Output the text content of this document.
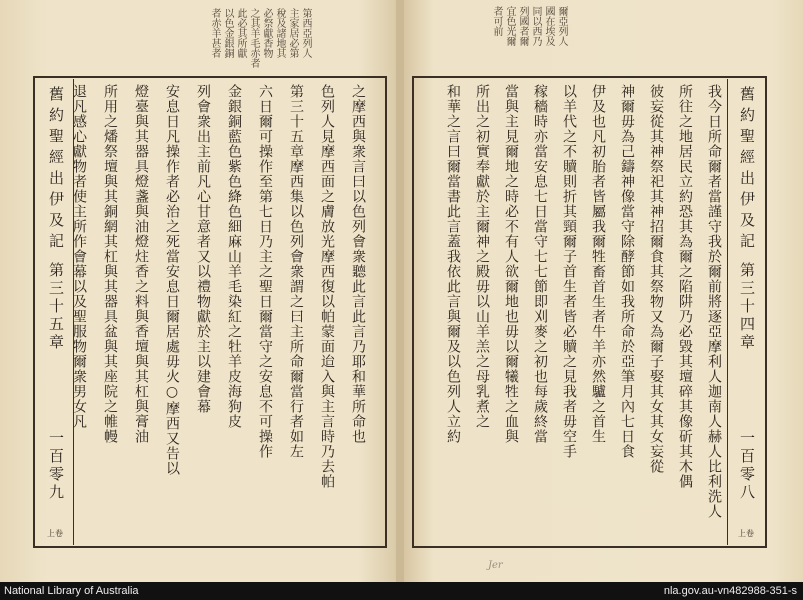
第西亞列人
主家居必第
稅及諸地其
必祭獻香物
之其羊毛赤者
此必其所獻
以色金銀銅
者赤羊甚者
舊約聖經
出伊及記
第三十五章
一百零九
上卷
之摩西與衆言曰以色列會衆聽此言此言乃耶和華所命也
色列人見摩西面之膚放光摩西復以帕蒙面迨入與主言時乃去帕
第三十五章摩西集以色列會衆謂之曰主所命爾當行者如左
六日爾可操作至第七日乃主之聖日爾當守之安息不可操作
金銀銅藍色紫色絳色細麻山羊毛染紅之牡羊皮海狗皮
列會衆出主前凡心甘意者又以禮物獻於主以建會幕
安息日凡操作者必治之死當安息日爾居處毋火○摩西又告以
燈臺與其器具燈盞與油燈炷香之料與香壇與其杠與膏油
所用之燔祭壇與其銅網其杠與其器具盆與其座院之帷幔
退凡感心獻物者使主所作會幕以及聖服物爾衆男女凡
爾亞列人
國在埃及
同以西乃
列國者爾
宜色光爾
者可前
舊約聖經
出伊及記
第三十四章
一百零八
上卷
我今日所命爾者當謹守我於爾前將逐亞摩利人迦南人赫人比利洗人
所往之地居民立約恐其為爾之陷阱乃必毀其壇碎其像斫其木偶
彼妄從其神祭祀其神招爾食其祭物又為爾子娶其女其女妄從
神爾毋為己鑄神像當守除酵節如我所命於亞筆月內七日食
伊及也凡初胎者皆屬我爾牲畜首生者牛羊亦然驢之首生
以羊代之不贖則折其頸爾子首生者皆必贖之見我者毋空手
稼穡時亦當安息七日當守七七節即刈麥之初也每歲終當
當與主見爾地之時必不有人欲爾地也毋以爾犧牲之血與
所出之初實奉獻於主爾神之殿毋以山羊羔之母乳煮之
和華之言曰爾當書此言蓋我依此言與爾及以色列人立約
Jer
National Library of Australia	nla.gov.au-vn482988-351-s
